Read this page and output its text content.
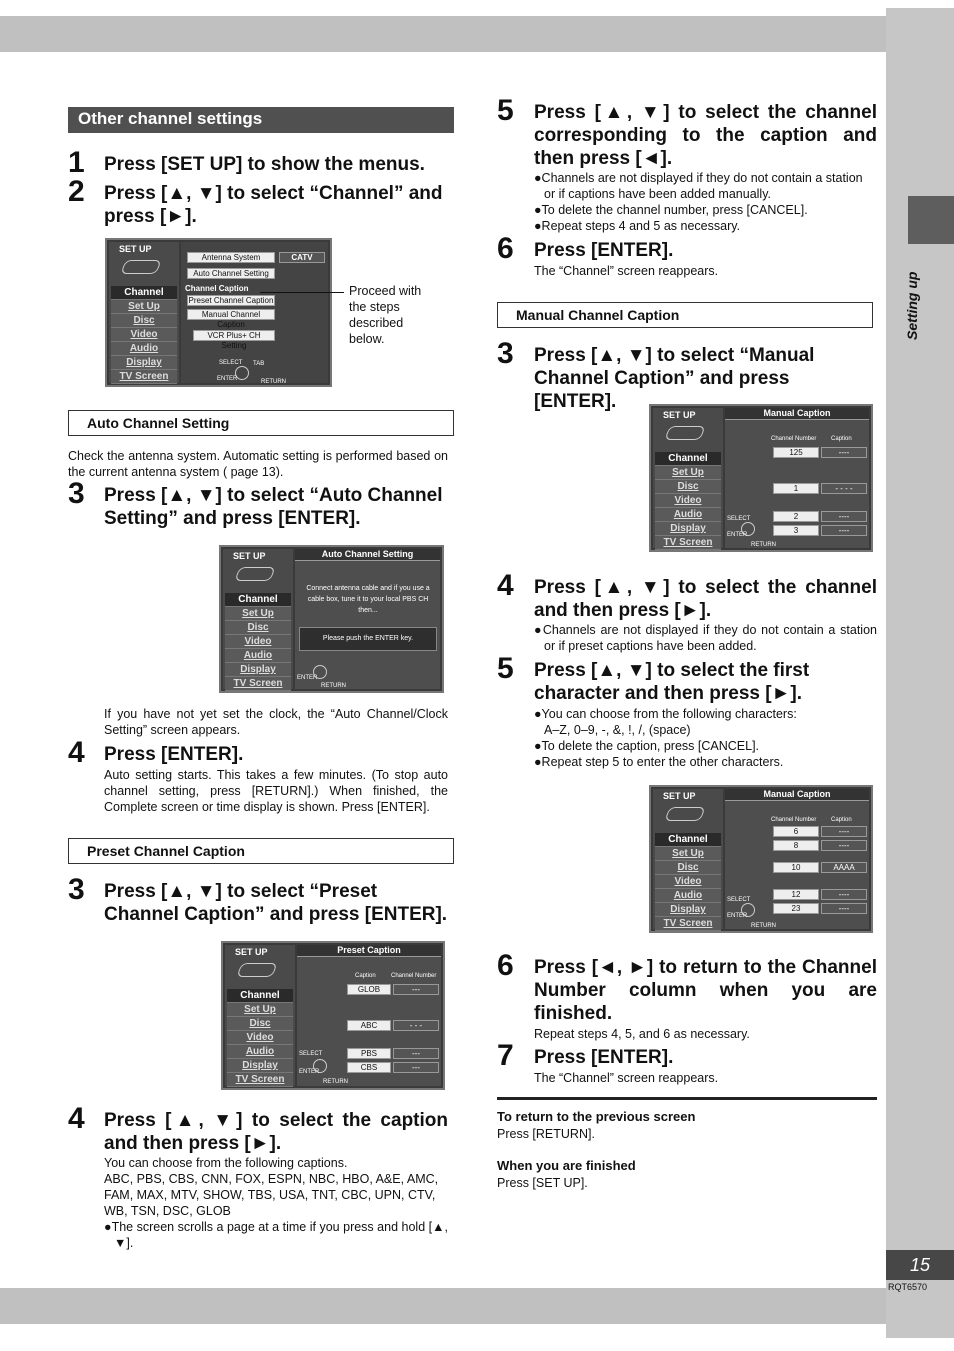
Setting up
15
RQT6570
Other channel settings
1 Press [SET UP] to show the menus.
2 Press [▲, ▼] to select “Channel” and press [►].
SET UP
Channel
Set Up
Disc
Video
Audio
Display
TV Screen
Antenna System	CATV
Auto Channel Setting
Channel Caption
Preset Channel Caption
Manual Channel Caption
VCR Plus+ CH Setting
SELECT TAB
ENTER	RETURN
Proceed with the steps described below.
Auto Channel Setting
Check the antenna system. Automatic setting is performed based on the current antenna system ( page 13).
3 Press [▲, ▼] to select “Auto Channel Setting” and press [ENTER].
SET UP
Channel
Set Up
Disc
Video
Audio
Display
TV Screen
Auto Channel Setting
Connect antenna cable and if you use a cable box, tune it to your local PBS CH then...
Please push the ENTER key.
ENTER
RETURN
If you have not yet set the clock, the “Auto Channel/Clock Setting” screen appears.
4 Press [ENTER].
Auto setting starts. This takes a few minutes. (To stop auto channel setting, press [RETURN].) When finished, the Complete screen or time display is shown. Press [ENTER].
Preset Channel Caption
3 Press [▲, ▼] to select “Preset Channel Caption” and press [ENTER].
SET UP
Channel
Set Up
Disc
Video
Audio
Display
TV Screen
Preset Caption
Caption	Channel Number
GLOB	---
ABC	- - -
PBS	---
CBS	---
SELECT
ENTER
RETURN
4 Press [▲, ▼] to select the caption and then press [►].
You can choose from the following captions.
ABC, PBS, CBS, CNN, FOX, ESPN, NBC, HBO, A&E, AMC, FAM, MAX, MTV, SHOW, TBS, USA, TNT, CBC, UPN, CTV, WB, TSN, DSC, GLOB
●The screen scrolls a page at a time if you press and hold [▲, ▼].
5 Press [▲, ▼] to select the channel corresponding to the caption and then press [◄].
●Channels are not displayed if they do not contain a station or if captions have been added manually.
●To delete the channel number, press [CANCEL].
●Repeat steps 4 and 5 as necessary.
6 Press [ENTER].
The “Channel” screen reappears.
Manual Channel Caption
3 Press [▲, ▼] to select “Manual Channel Caption” and press [ENTER].
SET UP
Channel
Set Up
Disc
Video
Audio
Display
TV Screen
Manual Caption
Channel Number Caption
125	----
1	- - - -
2	----
3	----
SELECT
ENTER
RETURN
4 Press [▲, ▼] to select the channel and then press [►].
●Channels are not displayed if they do not contain a station or if preset captions have been added.
5 Press [▲, ▼] to select the first character and then press [►].
●You can choose from the following characters:
A–Z, 0–9, -, &, !, /, (space)
●To delete the caption, press [CANCEL].
●Repeat step 5 to enter the other characters.
SET UP
Channel
Set Up
Disc
Video
Audio
Display
TV Screen
Manual Caption
Channel Number Caption
6	----
8	----
10	AAAA
12	----
23	----
SELECT
ENTER
RETURN
6 Press [◄, ►] to return to the Channel Number column when you are finished.
Repeat steps 4, 5, and 6 as necessary.
7 Press [ENTER].
The “Channel” screen reappears.
To return to the previous screen
Press [RETURN].
When you are finished
Press [SET UP].
